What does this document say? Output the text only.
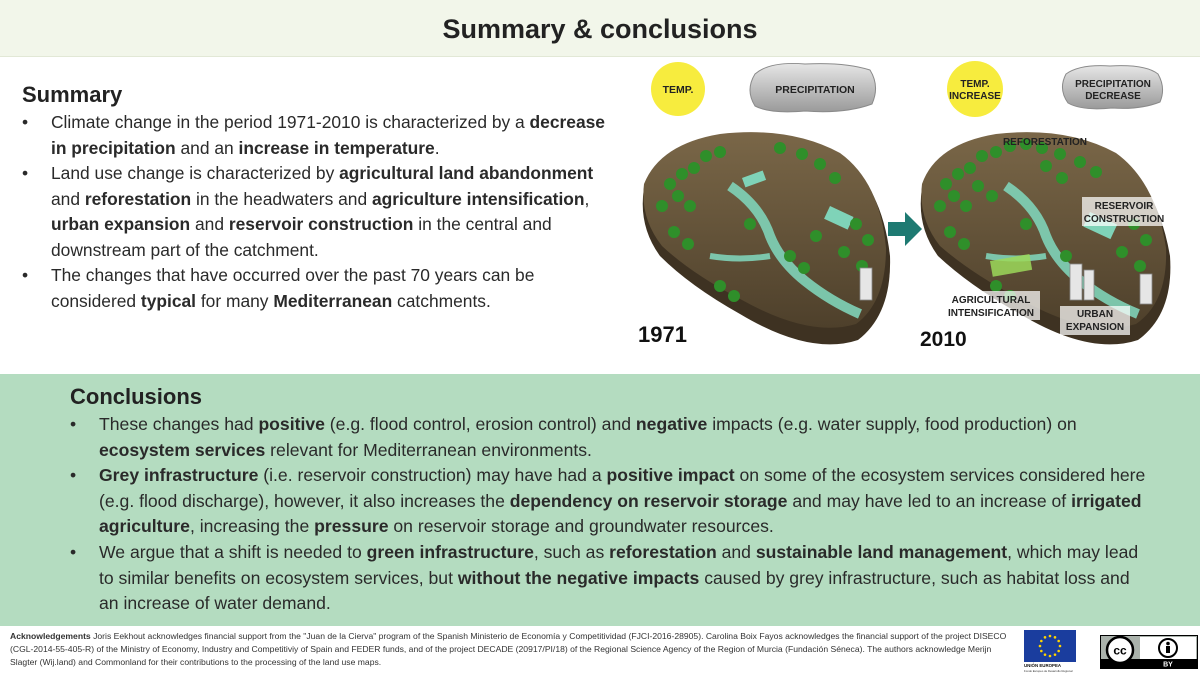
Summary & conclusions
Summary
• Climate change in the period 1971-2010 is characterized by a decrease in precipitation and an increase in temperature.
• Land use change is characterized by agricultural land abandonment and reforestation in the headwaters and agriculture intensification, urban expansion and reservoir construction in the central and downstream part of the catchment.
• The changes that have occurred over the past 70 years can be considered typical for many Mediterranean catchments.
TEMP.	PRECIPITATION	TEMP.
INCREASE
PRECIPITATION
DECREASE
REFORESTATION
RESERVOIR
CONSTRUCTION
AGRICULTURAL
INTENSIFICATION	URBAN
EXPANSION
1971	2010
Conclusions
• These changes had positive (e.g. flood control, erosion control) and negative impacts (e.g. water supply, food production) on ecosystem services relevant for Mediterranean environments.
• Grey infrastructure (i.e. reservoir construction) may have had a positive impact on some of the ecosystem services considered here (e.g. flood discharge), however, it also increases the dependency on reservoir storage and may have led to an increase of irrigated agriculture, increasing the pressure on reservoir storage and groundwater resources.
• We argue that a shift is needed to green infrastructure, such as reforestation and sustainable land management, which may lead to similar benefits on ecosystem services, but without the negative impacts caused by grey infrastructure, such as habitat loss and an increase of water demand.
Acknowledgements Joris Eekhout acknowledges financial support from the "Juan de la Cierva" program of the Spanish Ministerio de Economía y Competitividad (FJCI-2016-28905). Carolina Boix Fayos acknowledges the financial support of the project DISECO (CGL-2014-55-405-R) of the Ministry of Economy, Industry and Competitiviy of Spain and FEDER funds, and of the project DECADE (20917/PI/18) of the Regional Science Agency of the Region of Murcia (Fundación Séneca). The authors acknowledge Merijn Slagter (Wij.land) and Commonland for their contributions to the processing of the land use maps.	UNIÓN EUROPEA
Fondo Europeo de Desarrollo Regional
cc
BY
